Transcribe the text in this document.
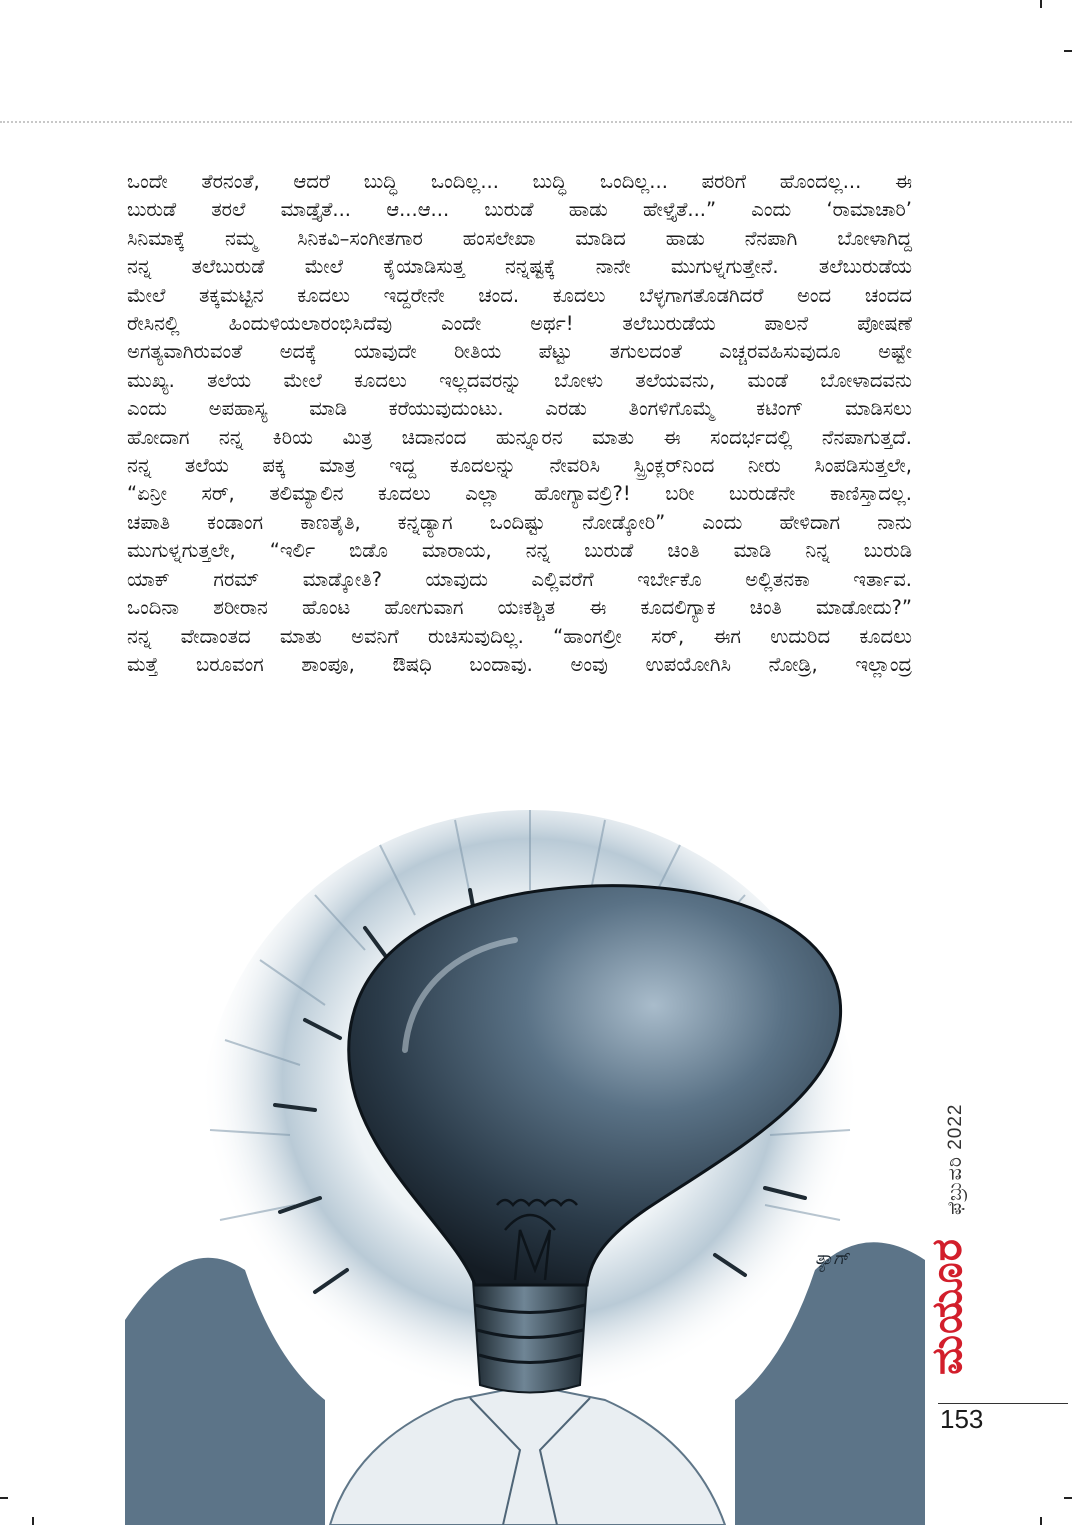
ಒಂದೇ ತೆರನಂತೆ, ಆದರೆ ಬುದ್ಧಿ ಒಂದಿಲ್ಲ... ಬುದ್ಧಿ ಒಂದಿಲ್ಲ... ಪರರಿಗೆ ಹೊಂದಲ್ಲ... ಈ

ಬುರುಡೆ ತರಲೆ ಮಾಡ್ತೈತೆ... ಆ...ಆ... ಬುರುಡೆ ಹಾಡು ಹೇಳ್ತೈತೆ...” ಎಂದು ‘ರಾಮಾಚಾರಿ’

ಸಿನಿಮಾಕ್ಕೆ ನಮ್ಮ ಸಿನಿಕವಿ–ಸಂಗೀತಗಾರ ಹಂಸಲೇಖಾ ಮಾಡಿದ ಹಾಡು ನೆನಪಾಗಿ ಬೋಳಾಗಿದ್ದ

ನನ್ನ ತಲೆಬುರುಡೆ ಮೇಲೆ ಕೈಯಾಡಿಸುತ್ತ ನನ್ನಷ್ಟಕ್ಕೆ ನಾನೇ ಮುಗುಳ್ನಗುತ್ತೇನೆ. ತಲೆಬುರುಡೆಯ

ಮೇಲೆ ತಕ್ಕಮಟ್ಟಿನ ಕೂದಲು ಇದ್ದರೇನೇ ಚಂದ. ಕೂದಲು ಬೆಳ್ಳಗಾಗತೊಡಗಿದರೆ ಅಂದ ಚಂದದ

ರೇಸಿನಲ್ಲಿ ಹಿಂದುಳಿಯಲಾರಂಭಿಸಿದೆವು ಎಂದೇ ಅರ್ಥ! ತಲೆಬುರುಡೆಯ ಪಾಲನೆ ಪೋಷಣೆ

ಅಗತ್ಯವಾಗಿರುವಂತೆ ಅದಕ್ಕೆ ಯಾವುದೇ ರೀತಿಯ ಪೆಟ್ಟು ತಗುಲದಂತೆ ಎಚ್ಚರವಹಿಸುವುದೂ ಅಷ್ಟೇ

ಮುಖ್ಯ. ತಲೆಯ ಮೇಲೆ ಕೂದಲು ಇಲ್ಲದವರನ್ನು ಬೋಳು ತಲೆಯವನು, ಮಂಡೆ ಬೋಳಾದವನು

ಎಂದು ಅಪಹಾಸ್ಯ ಮಾಡಿ ಕರೆಯುವುದುಂಟು. ಎರಡು ತಿಂಗಳಿಗೊಮ್ಮೆ ಕಟಿಂಗ್ ಮಾಡಿಸಲು

ಹೋದಾಗ ನನ್ನ ಕಿರಿಯ ಮಿತ್ರ ಚಿದಾನಂದ ಹುನ್ನೂರನ ಮಾತು ಈ ಸಂದರ್ಭದಲ್ಲಿ ನೆನಪಾಗುತ್ತದೆ.

ನನ್ನ ತಲೆಯ ಪಕ್ಕ ಮಾತ್ರ ಇದ್ದ ಕೂದಲನ್ನು ನೇವರಿಸಿ ಸ್ಪ್ರಿಂಕ್ಲರ್‌ನಿಂದ ನೀರು ಸಿಂಪಡಿಸುತ್ತಲೇ,

“ಏನ್ರೀ ಸರ್, ತಲಿಮ್ಯಾಲಿನ ಕೂದಲು ಎಲ್ಲಾ ಹೋಗ್ಯಾವಲ್ರಿ?! ಬರೀ ಬುರುಡೆನೇ ಕಾಣಿಸ್ತಾದಲ್ಲ.

ಚಪಾತಿ ಕಂಡಾಂಗ ಕಾಣತೈತಿ, ಕನ್ನಡ್ಯಾಗ ಒಂದಿಷ್ಟು ನೋಡ್ಕೋರಿ” ಎಂದು ಹೇಳಿದಾಗ ನಾನು

ಮುಗುಳ್ನಗುತ್ತಲೇ, “ಇರ್ಲಿ ಬಿಡೊ ಮಾರಾಯ, ನನ್ನ ಬುರುಡೆ ಚಿಂತಿ ಮಾಡಿ ನಿನ್ನ ಬುರುಡಿ

ಯಾಕ್ ಗರಮ್ ಮಾಡ್ಕೋತಿ? ಯಾವುದು ಎಲ್ಲಿವರೆಗೆ ಇರ್ಬೇಕೊ ಅಲ್ಲಿತನಕಾ ಇರ್ತಾವ.

ಒಂದಿನಾ ಶರೀರಾನ ಹೊಂಟ ಹೋಗುವಾಗ ಯಃಕಶ್ಚಿತ ಈ ಕೂದಲಿಗ್ಯಾಕ ಚಿಂತಿ ಮಾಡೋದು?”

ನನ್ನ ವೇದಾಂತದ ಮಾತು ಅವನಿಗೆ ರುಚಿಸುವುದಿಲ್ಲ. “ಹಾಂಗಲ್ರೀ ಸರ್, ಈಗ ಉದುರಿದ ಕೂದಲು

ಮತ್ತೆ ಬರೂವಂಗ ಶಾಂಪೂ, ಔಷಧಿ ಬಂದಾವು. ಅಂವು ಉಪಯೋಗಿಸಿ ನೋಡ್ರಿ, ಇಲ್ಲಾಂದ್ರ

ತ್ಯಾಗ್ ಮಯೂರ
ಫೆಬ್ರುವರಿ 2022
153
